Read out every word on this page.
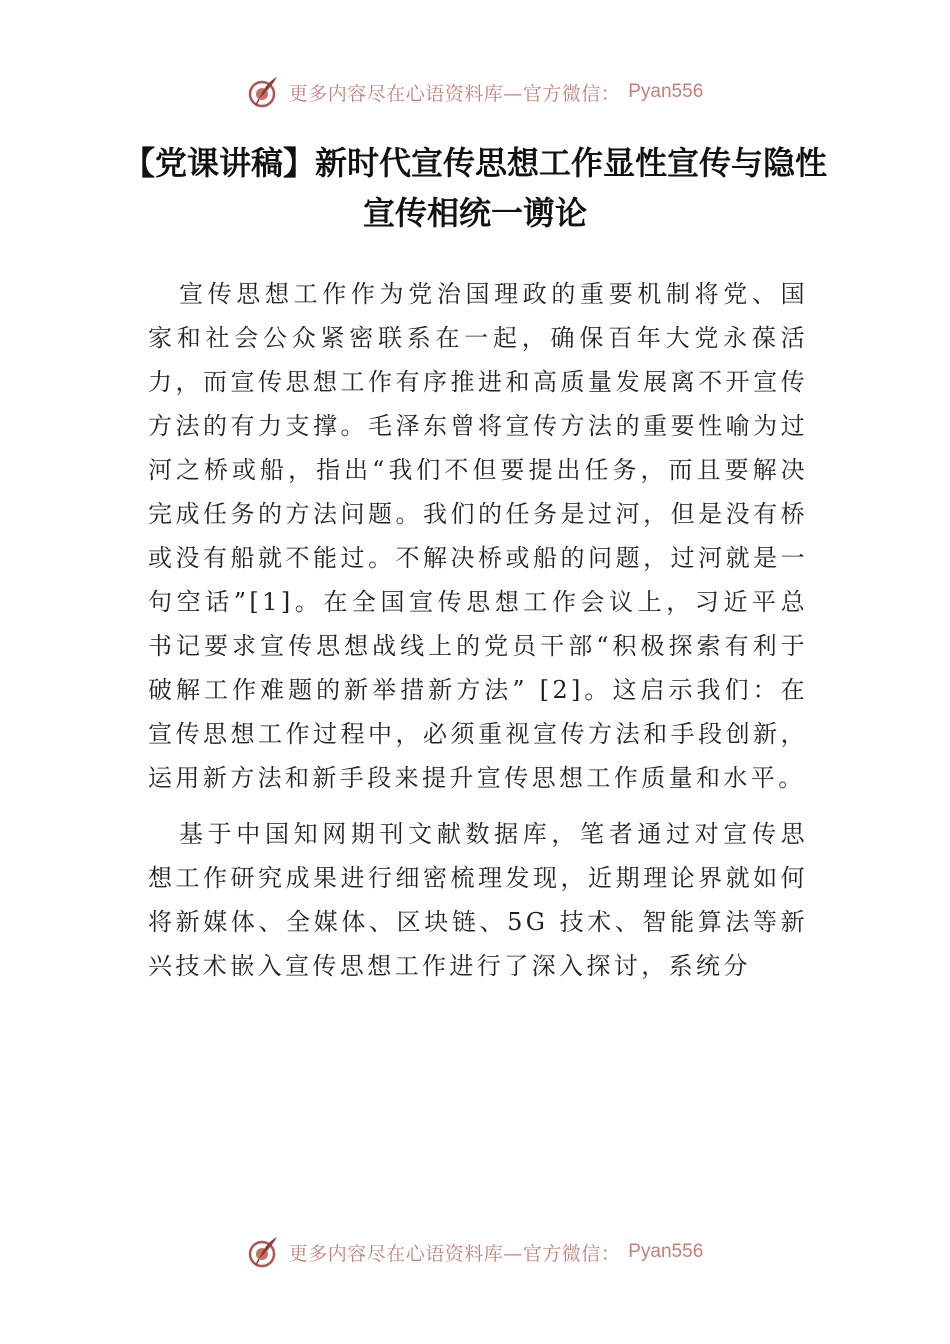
更多内容尽在心语资料库—官方微信： Pyan556
【党课讲稿】新时代宣传思想工作显性宣传与隐性宣传相统一谫论

宣传思想工作作为党治国理政的重要机制将党、国家和社会公众紧密联系在一起，确保百年大党永葆活力，而宣传思想工作有序推进和高质量发展离不开宣传方法的有力支撑。毛泽东曾将宣传方法的重要性喻为过河之桥或船，指出“我们不但要提出任务，而且要解决完成任务的方法问题。我们的任务是过河，但是没有桥或没有船就不能过。不解决桥或船的问题，过河就是一句空话”[1]。在全国宣传思想工作会议上，习近平总书记要求宣传思想战线上的党员干部“积极探索有利于破解工作难题的新举措新方法” [2]。这启示我们：在宣传思想工作过程中，必须重视宣传方法和手段创新，运用新方法和新手段来提升宣传思想工作质量和水平。

基于中国知网期刊文献数据库，笔者通过对宣传思想工作研究成果进行细密梳理发现，近期理论界就如何将新媒体、全媒体、区块链、5G 技术、智能算法等新兴技术嵌入宣传思想工作进行了深入探讨，系统分

更多内容尽在心语资料库—官方微信： Pyan556
